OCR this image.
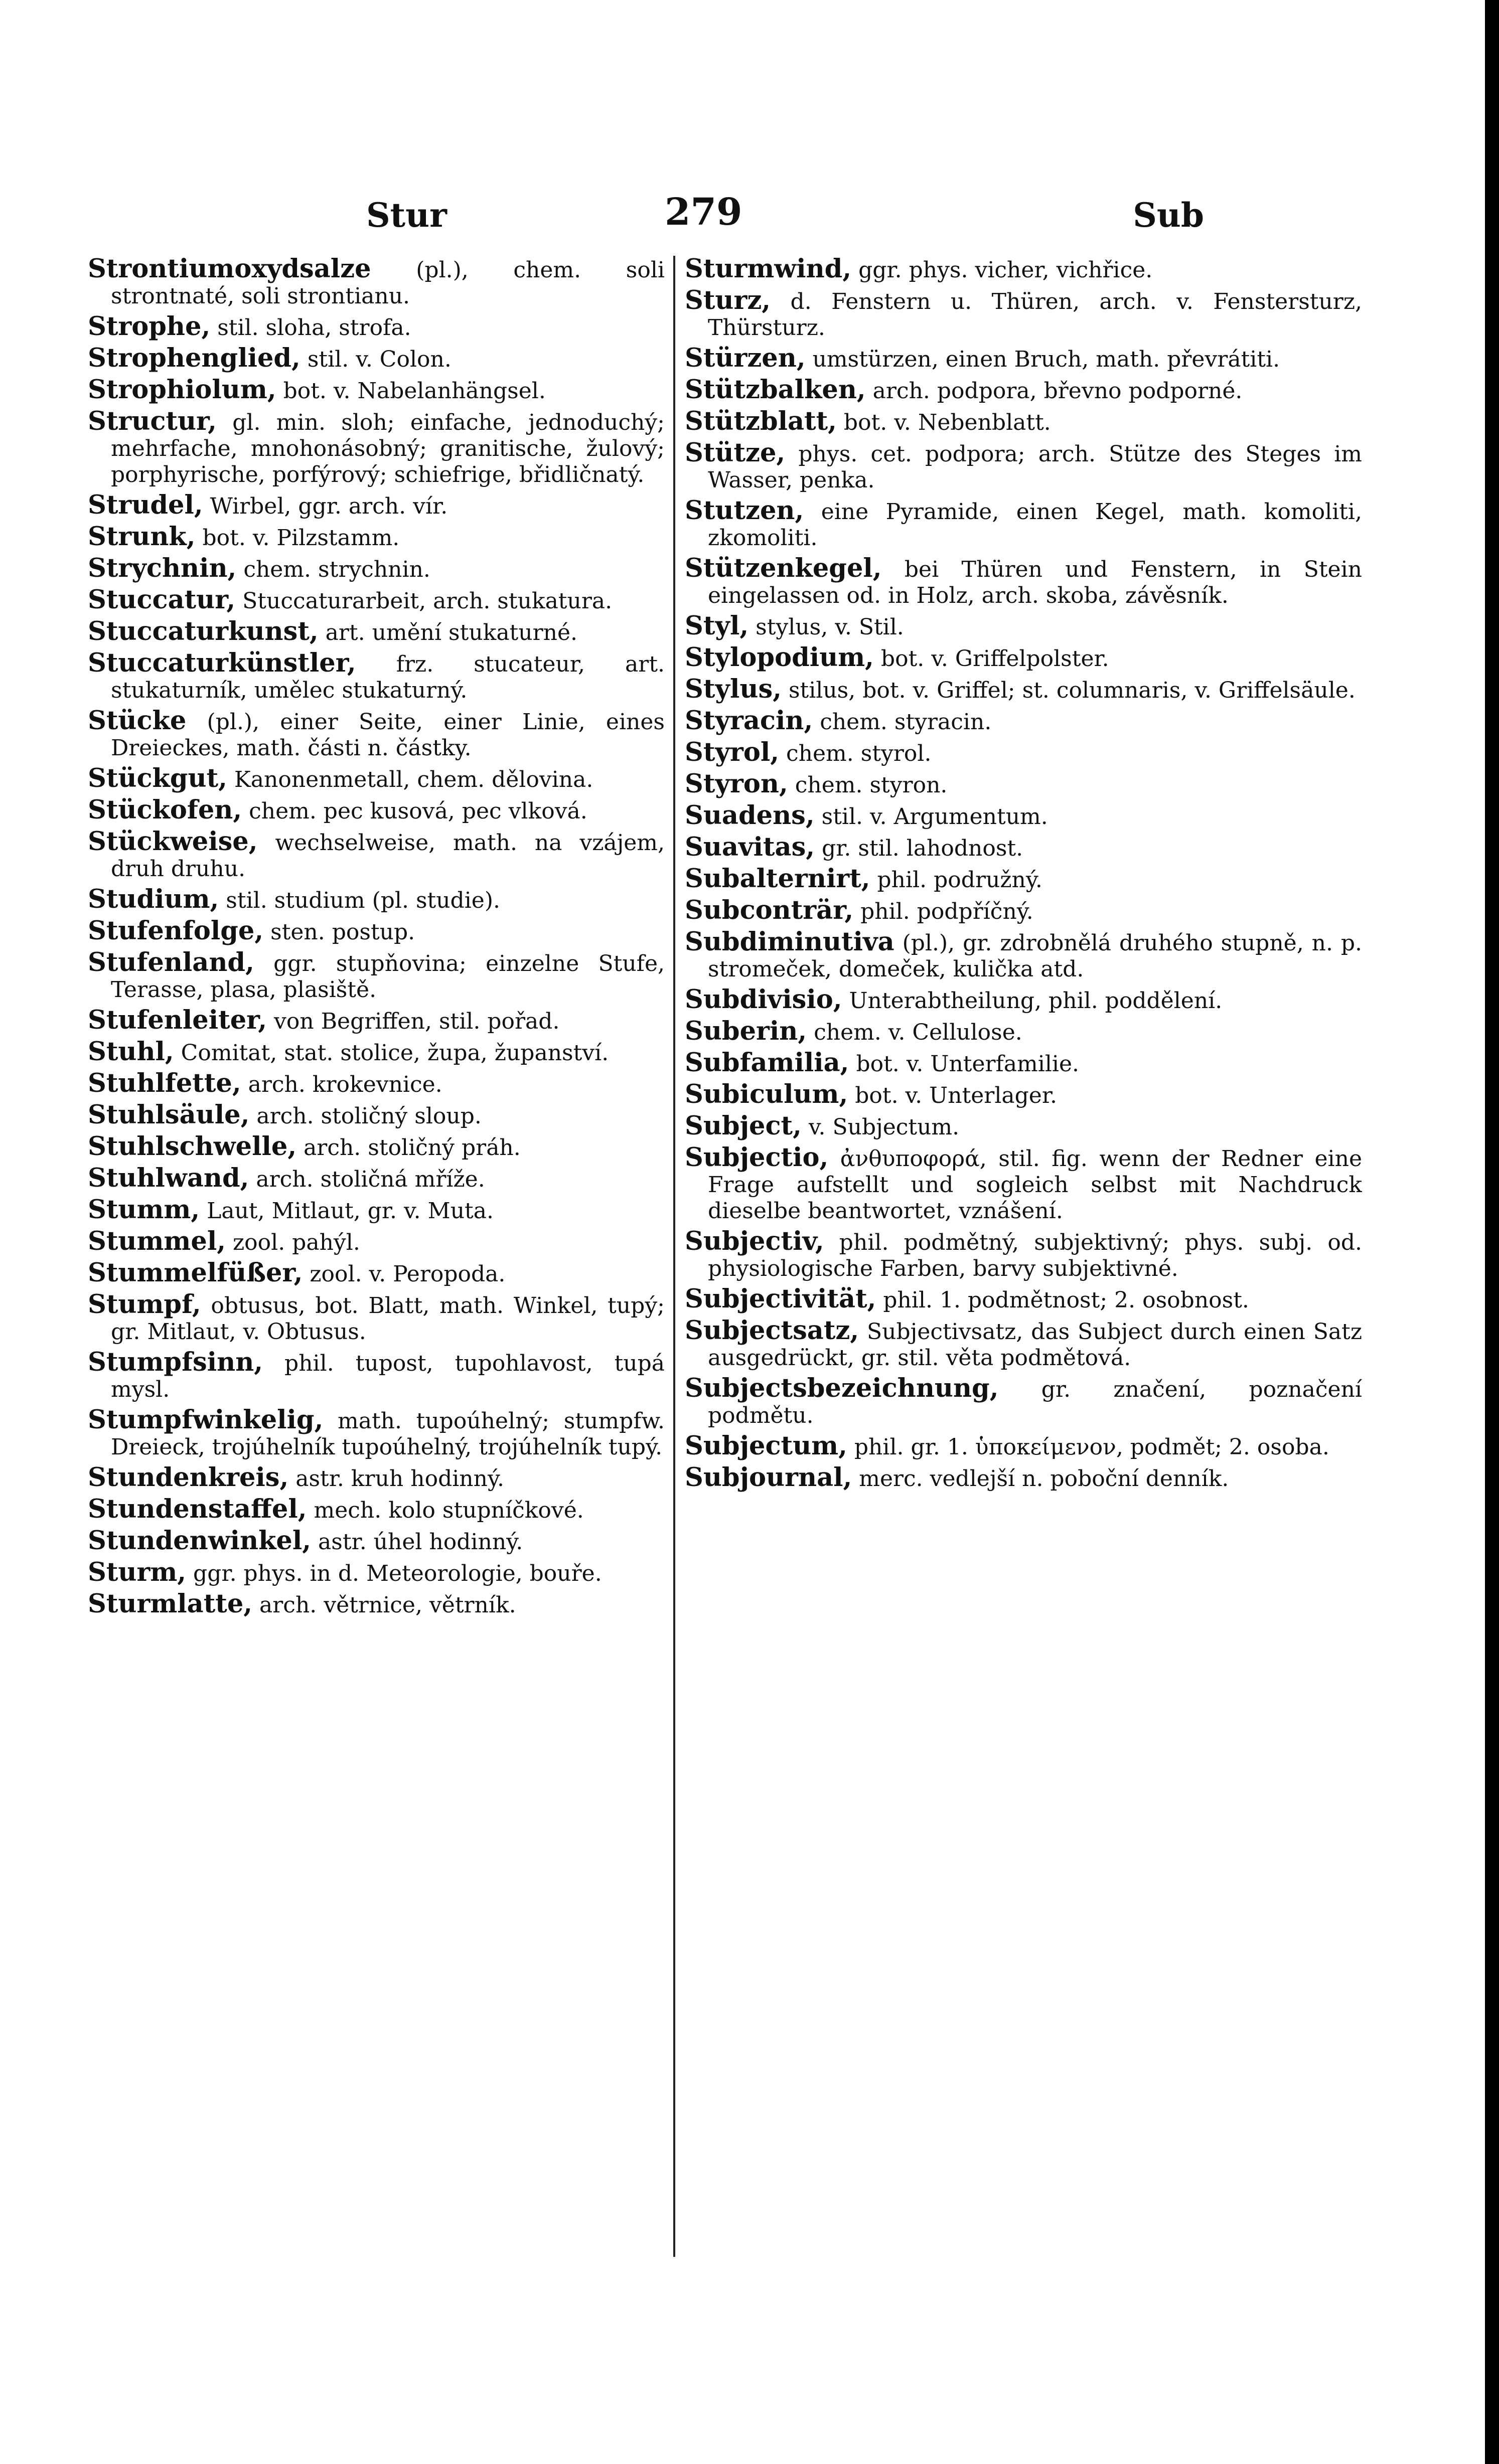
Stur	279	Sub

Strontiumoxydsalze (pl.), chem. soli strontnaté, soli strontianu.

Strophe, stil. sloha, strofa.

Strophenglied, stil. v. Colon.

Strophiolum, bot. v. Nabelanhängsel.

Structur, gl. min. sloh; einfache, jednoduchý; mehrfache, mnohonásobný; granitische, žulový; porphyrische, porfýrový; schiefrige, břidličnatý.

Strudel, Wirbel, ggr. arch. vír.

Strunk, bot. v. Pilzstamm.

Strychnin, chem. strychnin.

Stuccatur, Stuccaturarbeit, arch. stukatura.

Stuccaturkunst, art. umění stukaturné.

Stuccaturkünstler, frz. stucateur, art. stukaturník, umělec stukaturný.

Stücke (pl.), einer Seite, einer Linie, eines Dreieckes, math. části n. částky.

Stückgut, Kanonenmetall, chem. dělovina.

Stückofen, chem. pec kusová, pec vlková.

Stückweise, wechselweise, math. na vzájem, druh druhu.

Studium, stil. studium (pl. studie).

Stufenfolge, sten. postup.

Stufenland, ggr. stupňovina; einzelne Stufe, Terasse, plasa, plasiště.

Stufenleiter, von Begriffen, stil. pořad.

Stuhl, Comitat, stat. stolice, župa, županství.

Stuhlfette, arch. krokevnice.

Stuhlsäule, arch. stoličný sloup.

Stuhlschwelle, arch. stoličný práh.

Stuhlwand, arch. stoličná mříže.

Stumm, Laut, Mitlaut, gr. v. Muta.

Stummel, zool. pahýl.

Stummelfüßer, zool. v. Peropoda.

Stumpf, obtusus, bot. Blatt, math. Winkel, tupý; gr. Mitlaut, v. Obtusus.

Stumpfsinn, phil. tupost, tupohlavost, tupá mysl.

Stumpfwinkelig, math. tupoúhelný; stumpfw. Dreieck, trojúhelník tupoúhelný, trojúhelník tupý.

Stundenkreis, astr. kruh hodinný.

Stundenstaffel, mech. kolo stupníčkové.

Stundenwinkel, astr. úhel hodinný.

Sturm, ggr. phys. in d. Meteorologie, bouře.

Sturmlatte, arch. větrnice, větrník.

Sturmwind, ggr. phys. vicher, vichřice.

Sturz, d. Fenstern u. Thüren, arch. v. Fenstersturz, Thürsturz.

Stürzen, umstürzen, einen Bruch, math. převrátiti.

Stützbalken, arch. podpora, břevno podporné.

Stützblatt, bot. v. Nebenblatt.

Stütze, phys. cet. podpora; arch. Stütze des Steges im Wasser, penka.

Stutzen, eine Pyramide, einen Kegel, math. komoliti, zkomoliti.

Stützenkegel, bei Thüren und Fenstern, in Stein eingelassen od. in Holz, arch. skoba, závěsník.

Styl, stylus, v. Stil.

Stylopodium, bot. v. Griffelpolster.

Stylus, stilus, bot. v. Griffel; st. columnaris, v. Griffelsäule.

Styracin, chem. styracin.

Styrol, chem. styrol.

Styron, chem. styron.

Suadens, stil. v. Argumentum.

Suavitas, gr. stil. lahodnost.

Subalternirt, phil. podružný.

Subconträr, phil. podpříčný.

Subdiminutiva (pl.), gr. zdrobnělá druhého stupně, n. p. stromeček, domeček, kulička atd.

Subdivisio, Unterabtheilung, phil. poddělení.

Suberin, chem. v. Cellulose.

Subfamilia, bot. v. Unterfamilie.

Subiculum, bot. v. Unterlager.

Subject, v. Subjectum.

Subjectio, ἀνθυποφορά, stil. fig. wenn der Redner eine Frage aufstellt und sogleich selbst mit Nachdruck dieselbe beantwortet, vznášení.

Subjectiv, phil. podmětný, subjektivný; phys. subj. od. physiologische Farben, barvy subjektivné.

Subjectivität, phil. 1. podmětnost; 2. osobnost.

Subjectsatz, Subjectivsatz, das Subject durch einen Satz ausgedrückt, gr. stil. věta podmětová.

Subjectsbezeichnung, gr. značení, poznačení podmětu.

Subjectum, phil. gr. 1. ὑποκείμενον, podmět; 2. osoba.

Subjournal, merc. vedlejší n. poboční denník.
